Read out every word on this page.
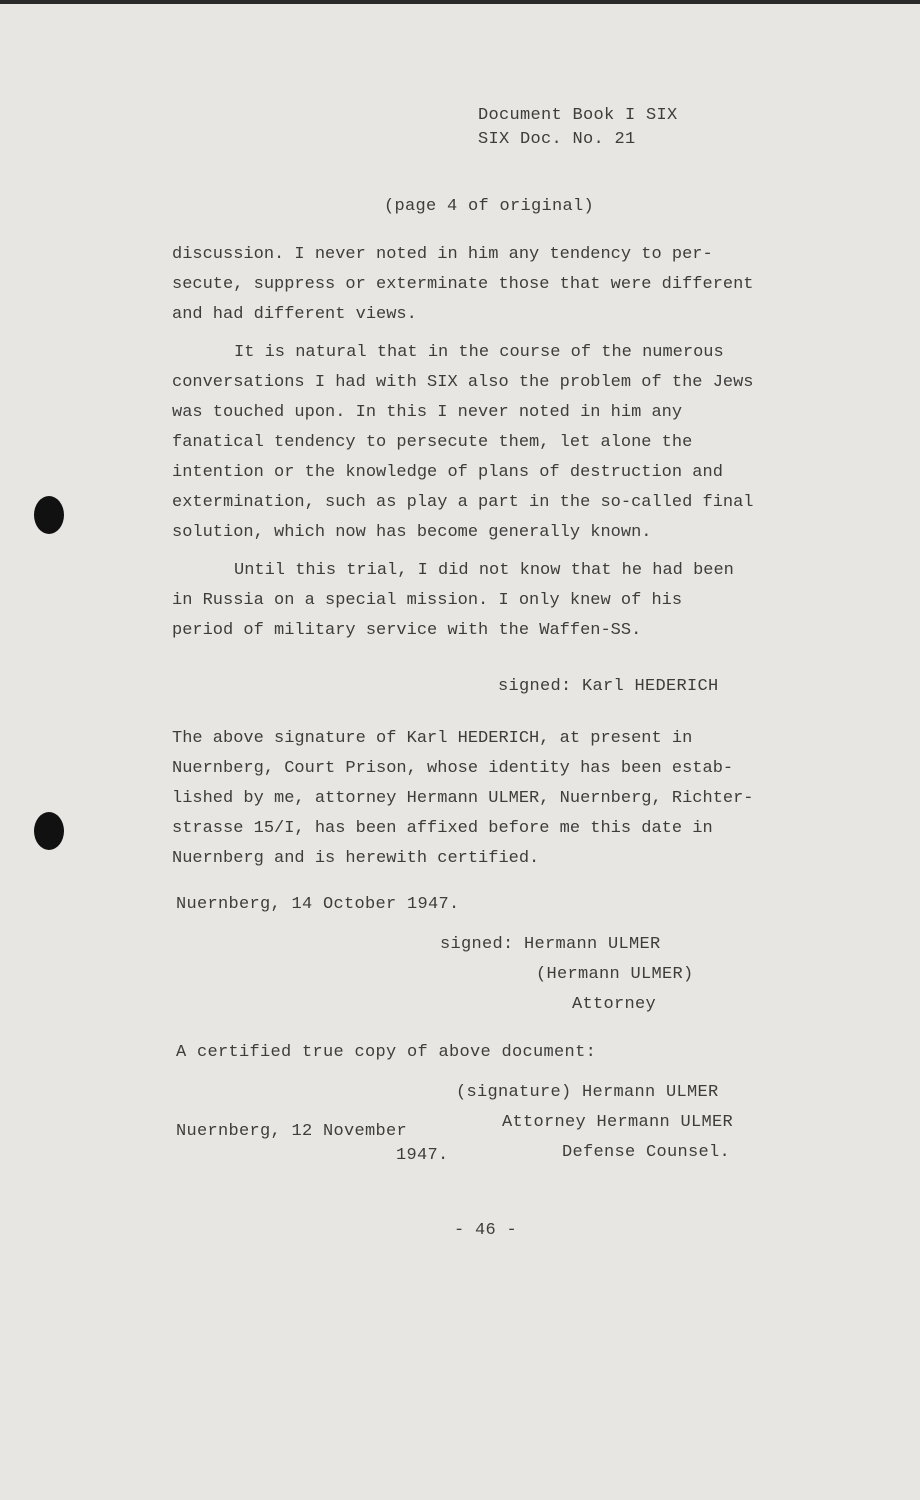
Document Book I SIX
SIX Doc. No. 21
(page 4 of original)
discussion. I never noted in him any tendency to per-
secute, suppress or exterminate those that were different
and had different views.
It is natural that in the course of the numerous
conversations I had with SIX also the problem of the Jews
was touched upon. In this I never noted in him any
fanatical tendency to persecute them, let alone the
intention or the knowledge of plans of destruction and
extermination, such as play a part in the so-called final
solution, which now has become generally known.
Until this trial, I did not know that he had been
in Russia on a special mission. I only knew of his
period of military service with the Waffen-SS.
signed: Karl HEDERICH
The above signature of Karl HEDERICH, at present in
Nuernberg, Court Prison, whose identity has been estab-
lished by me, attorney Hermann ULMER, Nuernberg, Richter-
strasse 15/I, has been affixed before me this date in
Nuernberg and is herewith certified.
Nuernberg, 14 October 1947.
signed: Hermann ULMER
(Hermann ULMER)
Attorney
A certified true copy of above document:
(signature) Hermann ULMER
Attorney Hermann ULMER
Defense Counsel.
Nuernberg, 12 November
1947.
- 46 -
